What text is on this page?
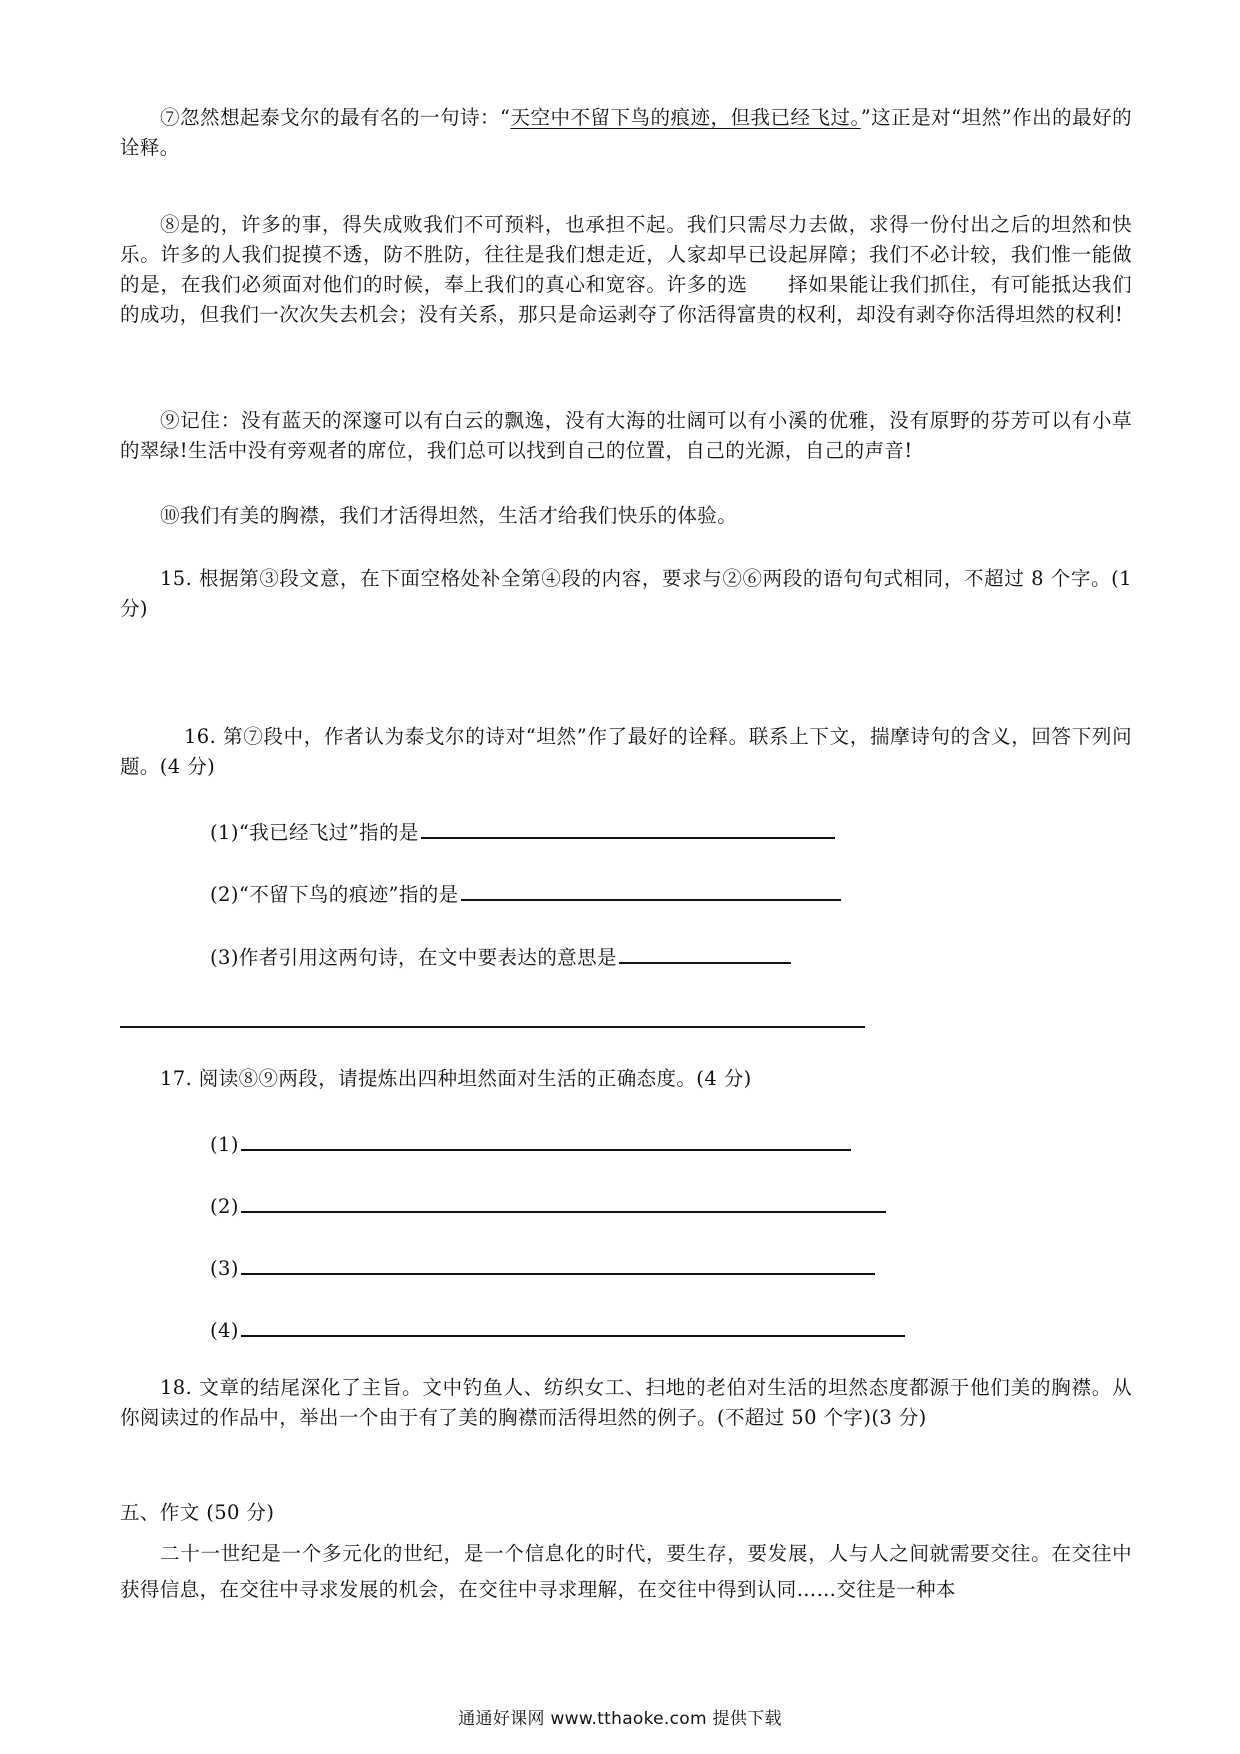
⑦忽然想起泰戈尔的最有名的一句诗：“天空中不留下鸟的痕迹，但我已经飞过。”这正是对“坦然”作出的最好的诠释。

⑧是的，许多的事，得失成败我们不可预料，也承担不起。我们只需尽力去做，求得一份付出之后的坦然和快乐。许多的人我们捉摸不透，防不胜防，往往是我们想走近，人家却早已设起屏障；我们不必计较，我们惟一能做的是，在我们必须面对他们的时候，奉上我们的真心和宽容。许多的选　　择如果能让我们抓住，有可能抵达我们的成功，但我们一次次失去机会；没有关系，那只是命运剥夺了你活得富贵的权利，却没有剥夺你活得坦然的权利!

⑨记住：没有蓝天的深邃可以有白云的飘逸，没有大海的壮阔可以有小溪的优雅，没有原野的芬芳可以有小草的翠绿!生活中没有旁观者的席位，我们总可以找到自己的位置，自己的光源，自己的声音!

⑩我们有美的胸襟，我们才活得坦然，生活才给我们快乐的体验。

15. 根据第③段文意，在下面空格处补全第④段的内容，要求与②⑥两段的语句句式相同，不超过 8 个字。(1 分)

16. 第⑦段中，作者认为泰戈尔的诗对“坦然”作了最好的诠释。联系上下文，揣摩诗句的含义，回答下列问题。(4 分)

(1)“我已经飞过”指的是
(2)“不留下鸟的痕迹”指的是
(3)作者引用这两句诗，在文中要表达的意思是

17. 阅读⑧⑨两段，请提炼出四种坦然面对生活的正确态度。(4 分)

(1)
(2)
(3)
(4)

18. 文章的结尾深化了主旨。文中钓鱼人、纺织女工、扫地的老伯对生活的坦然态度都源于他们美的胸襟。从你阅读过的作品中，举出一个由于有了美的胸襟而活得坦然的例子。(不超过 50 个字)(3 分)

五、作文 (50 分)

二十一世纪是一个多元化的世纪，是一个信息化的时代，要生存，要发展，人与人之间就需要交往。在交往中获得信息，在交往中寻求发展的机会，在交往中寻求理解，在交往中得到认同……交往是一种本

通通好课网 www.tthaoke.com 提供下载
